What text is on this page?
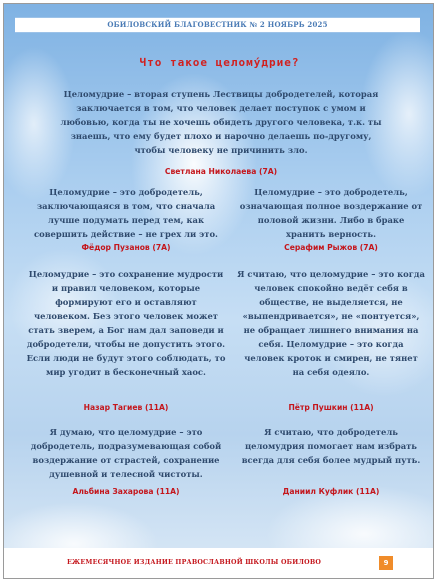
ОБИЛОВСКИЙ БЛАГОВЕСТНИК № 2 НОЯБРЬ 2025
Что такое целому́дрие?
Целомудрие – вторая ступень Лествицы добродетелей, которая заключается в том, что человек делает поступок с умом и любовью, когда ты не хочешь обидеть другого человека, т.к. ты знаешь, что ему будет плохо и нарочно делаешь по-другому, чтобы человеку не причинить зло.
Светлана Николаева (7А)
Целомудрие – это добродетель, заключающаяся в том, что сначала лучше подумать перед тем, как совершить действие – не грех ли это.
Фёдор Пузанов (7А)
Целомудрие – это добродетель, означающая полное воздержание от половой жизни. Либо в браке хранить верность.
Серафим Рыжов (7А)
Целомудрие – это сохранение мудрости и правил человеком, которые формируют его и оставляют человеком. Без этого человек может стать зверем, а Бог нам дал заповеди и добродетели, чтобы не допустить этого. Если люди не будут этого соблюдать, то мир угодит в бесконечный хаос.
Назар Тагиев (11А)
Я считаю, что целомудрие – это когда человек спокойно ведёт себя в обществе, не выделяется, не «выпендривается», не «понтуется», не обращает лишнего внимания на себя. Целомудрие – это когда человек кроток и смирен, не тянет на себя одеяло.
Пётр Пушкин (11А)
Я думаю, что целомудрие – это добродетель, подразумевающая собой воздержание от страстей, сохранение душевной и телесной чистоты.
Альбина Захарова (11А)
Я считаю, что добродетель целомудрия помогает нам избрать всегда для себя более мудрый путь.
Даниил Куфлик (11А)
ЕЖЕМЕСЯЧНОЕ ИЗДАНИЕ ПРАВОСЛАВНОЙ ШКОЛЫ ОБИЛОВО	9
